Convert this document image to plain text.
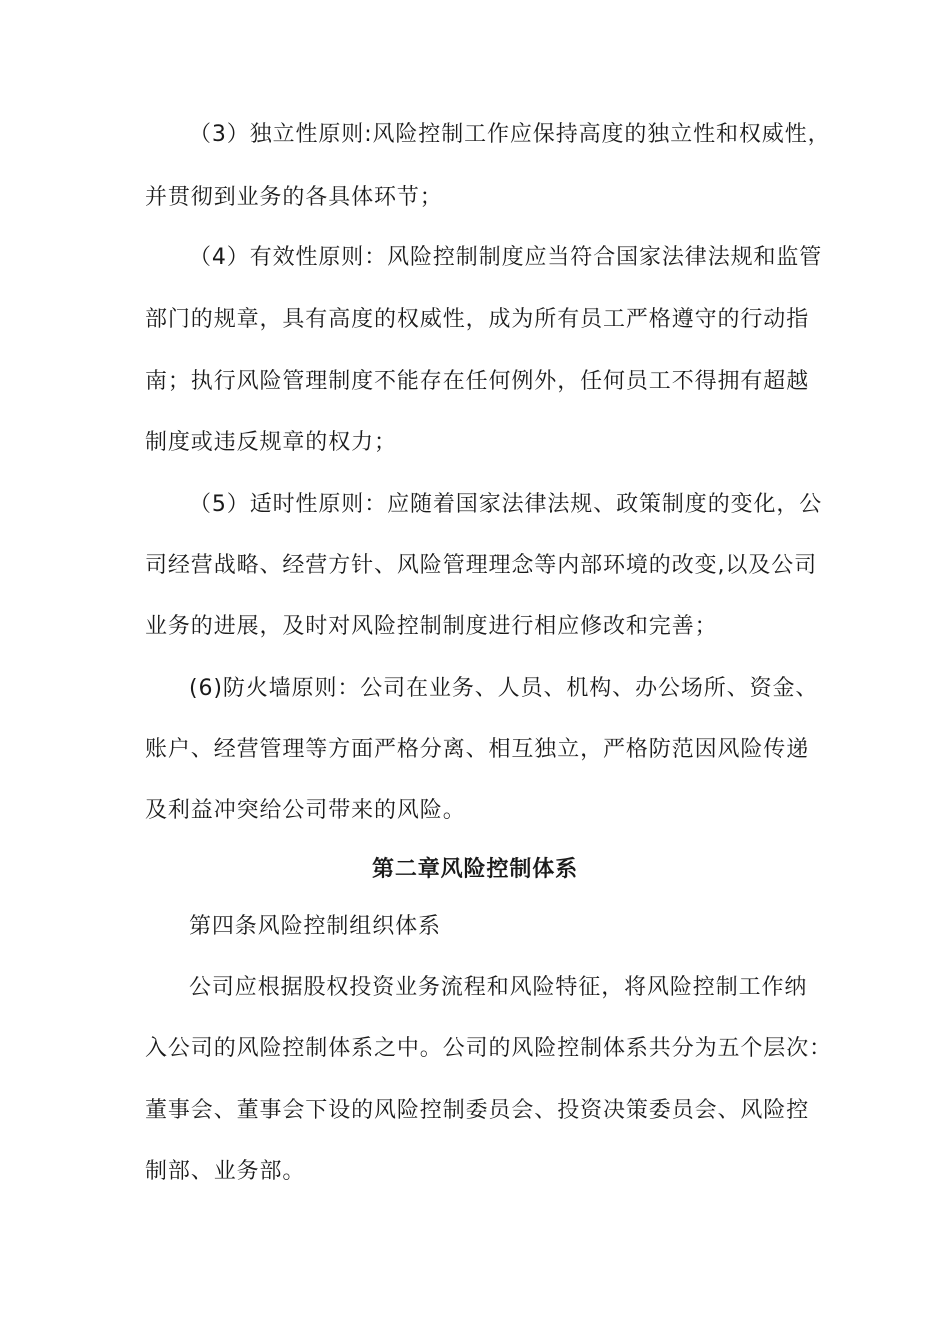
（3）独立性原则:风险控制工作应保持高度的独立性和权威性，
并贯彻到业务的各具体环节；
（4）有效性原则：风险控制制度应当符合国家法律法规和监管
部门的规章，具有高度的权威性，成为所有员工严格遵守的行动指
南；执行风险管理制度不能存在任何例外，任何员工不得拥有超越
制度或违反规章的权力；
（5）适时性原则：应随着国家法律法规、政策制度的变化，公
司经营战略、经营方针、风险管理理念等内部环境的改变,以及公司
业务的进展，及时对风险控制制度进行相应修改和完善；
(6)防火墙原则：公司在业务、人员、机构、办公场所、资金、
账户、经营管理等方面严格分离、相互独立，严格防范因风险传递
及利益冲突给公司带来的风险。
第二章风险控制体系
第四条风险控制组织体系
公司应根据股权投资业务流程和风险特征，将风险控制工作纳
入公司的风险控制体系之中。公司的风险控制体系共分为五个层次：
董事会、董事会下设的风险控制委员会、投资决策委员会、风险控
制部、业务部。
